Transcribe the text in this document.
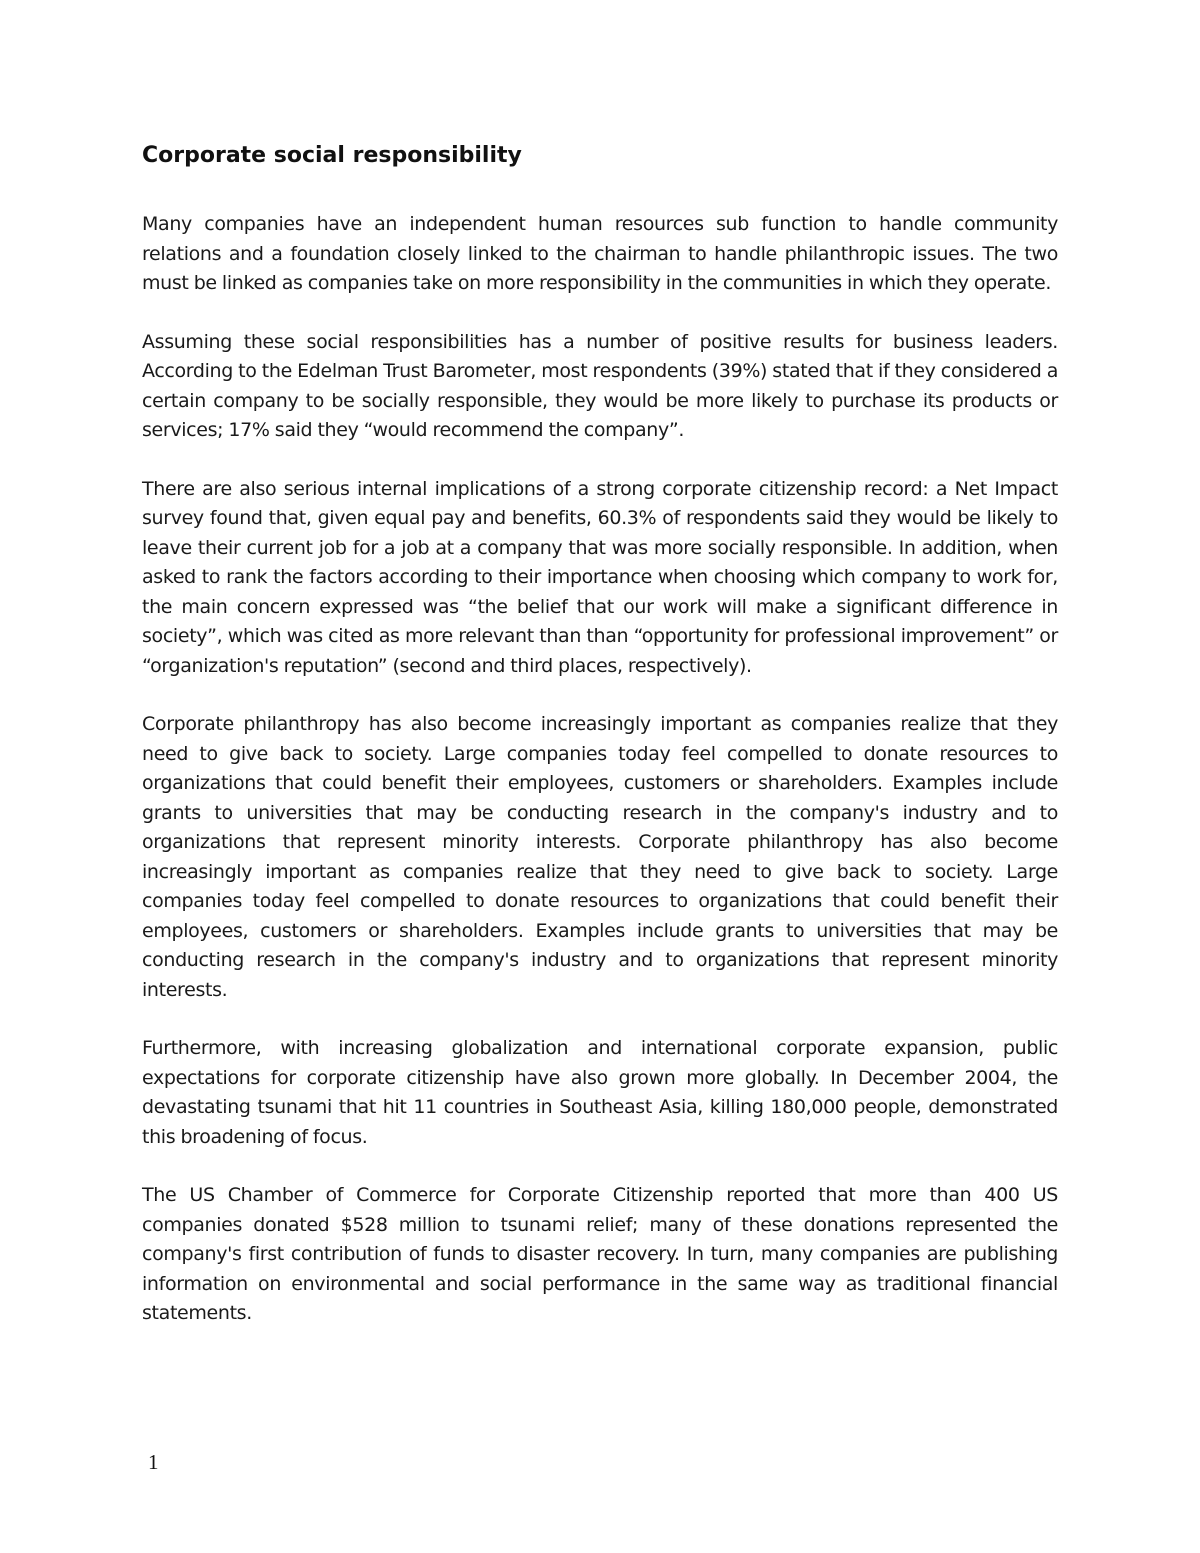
Corporate social responsibility

Many companies have an independent human resources sub function to handle community relations and a foundation closely linked to the chairman to handle philanthropic issues. The two must be linked as companies take on more responsibility in the communities in which they operate.

Assuming these social responsibilities has a number of positive results for business leaders. According to the Edelman Trust Barometer, most respondents (39%) stated that if they considered a certain company to be socially responsible, they would be more likely to purchase its products or services; 17% said they “would recommend the company”.

There are also serious internal implications of a strong corporate citizenship record: a Net Impact survey found that, given equal pay and benefits, 60.3% of respondents said they would be likely to leave their current job for a job at a company that was more socially responsible. In addition, when asked to rank the factors according to their importance when choosing which company to work for, the main concern expressed was “the belief that our work will make a significant difference in society”, which was cited as more relevant than than “opportunity for professional improvement” or “organization's reputation” (second and third places, respectively).

Corporate philanthropy has also become increasingly important as companies realize that they need to give back to society. Large companies today feel compelled to donate resources to organizations that could benefit their employees, customers or shareholders. Examples include grants to universities that may be conducting research in the company's industry and to organizations that represent minority interests. Corporate philanthropy has also become increasingly important as companies realize that they need to give back to society. Large companies today feel compelled to donate resources to organizations that could benefit their employees, customers or shareholders. Examples include grants to universities that may be conducting research in the company's industry and to organizations that represent minority interests.

Furthermore, with increasing globalization and international corporate expansion, public expectations for corporate citizenship have also grown more globally. In December 2004, the devastating tsunami that hit 11 countries in Southeast Asia, killing 180,000 people, demonstrated this broadening of focus.

The US Chamber of Commerce for Corporate Citizenship reported that more than 400 US companies donated $528 million to tsunami relief; many of these donations represented the company's first contribution of funds to disaster recovery. In turn, many companies are publishing information on environmental and social performance in the same way as traditional financial statements.

1
